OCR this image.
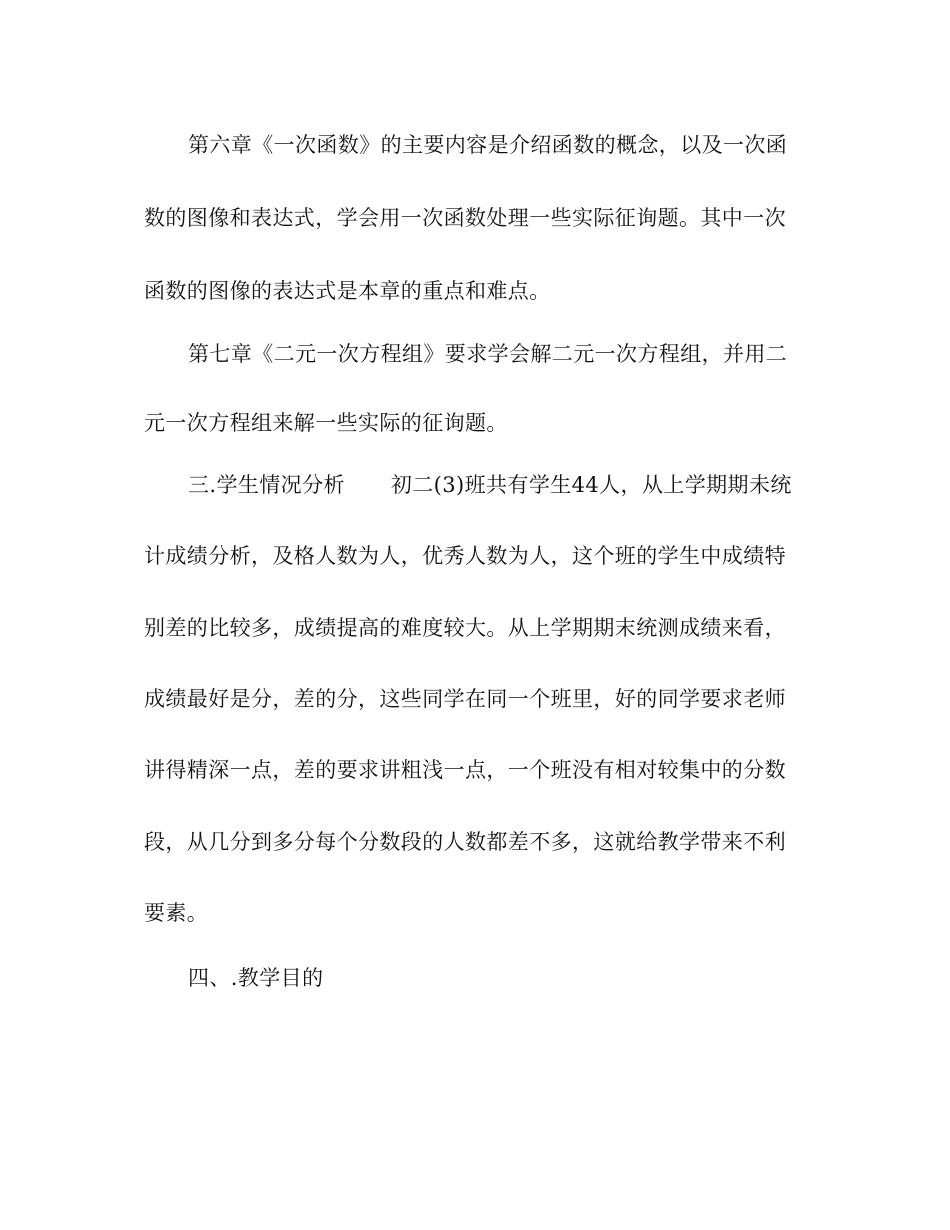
第六章《一次函数》的主要内容是介绍函数的概念，以及一次函
数的图像和表达式，学会用一次函数处理一些实际征询题。其中一次
函数的图像的表达式是本章的重点和难点。
第七章《二元一次方程组》要求学会解二元一次方程组，并用二
元一次方程组来解一些实际的征询题。
三.学生情况分析 初二(3)班共有学生44人，从上学期期未统
计成绩分析，及格人数为人，优秀人数为人，这个班的学生中成绩特
别差的比较多，成绩提高的难度较大。从上学期期末统测成绩来看，
成绩最好是分，差的分，这些同学在同一个班里，好的同学要求老师
讲得精深一点，差的要求讲粗浅一点，一个班没有相对较集中的分数
段，从几分到多分每个分数段的人数都差不多，这就给教学带来不利
要素。
四、.教学目的
